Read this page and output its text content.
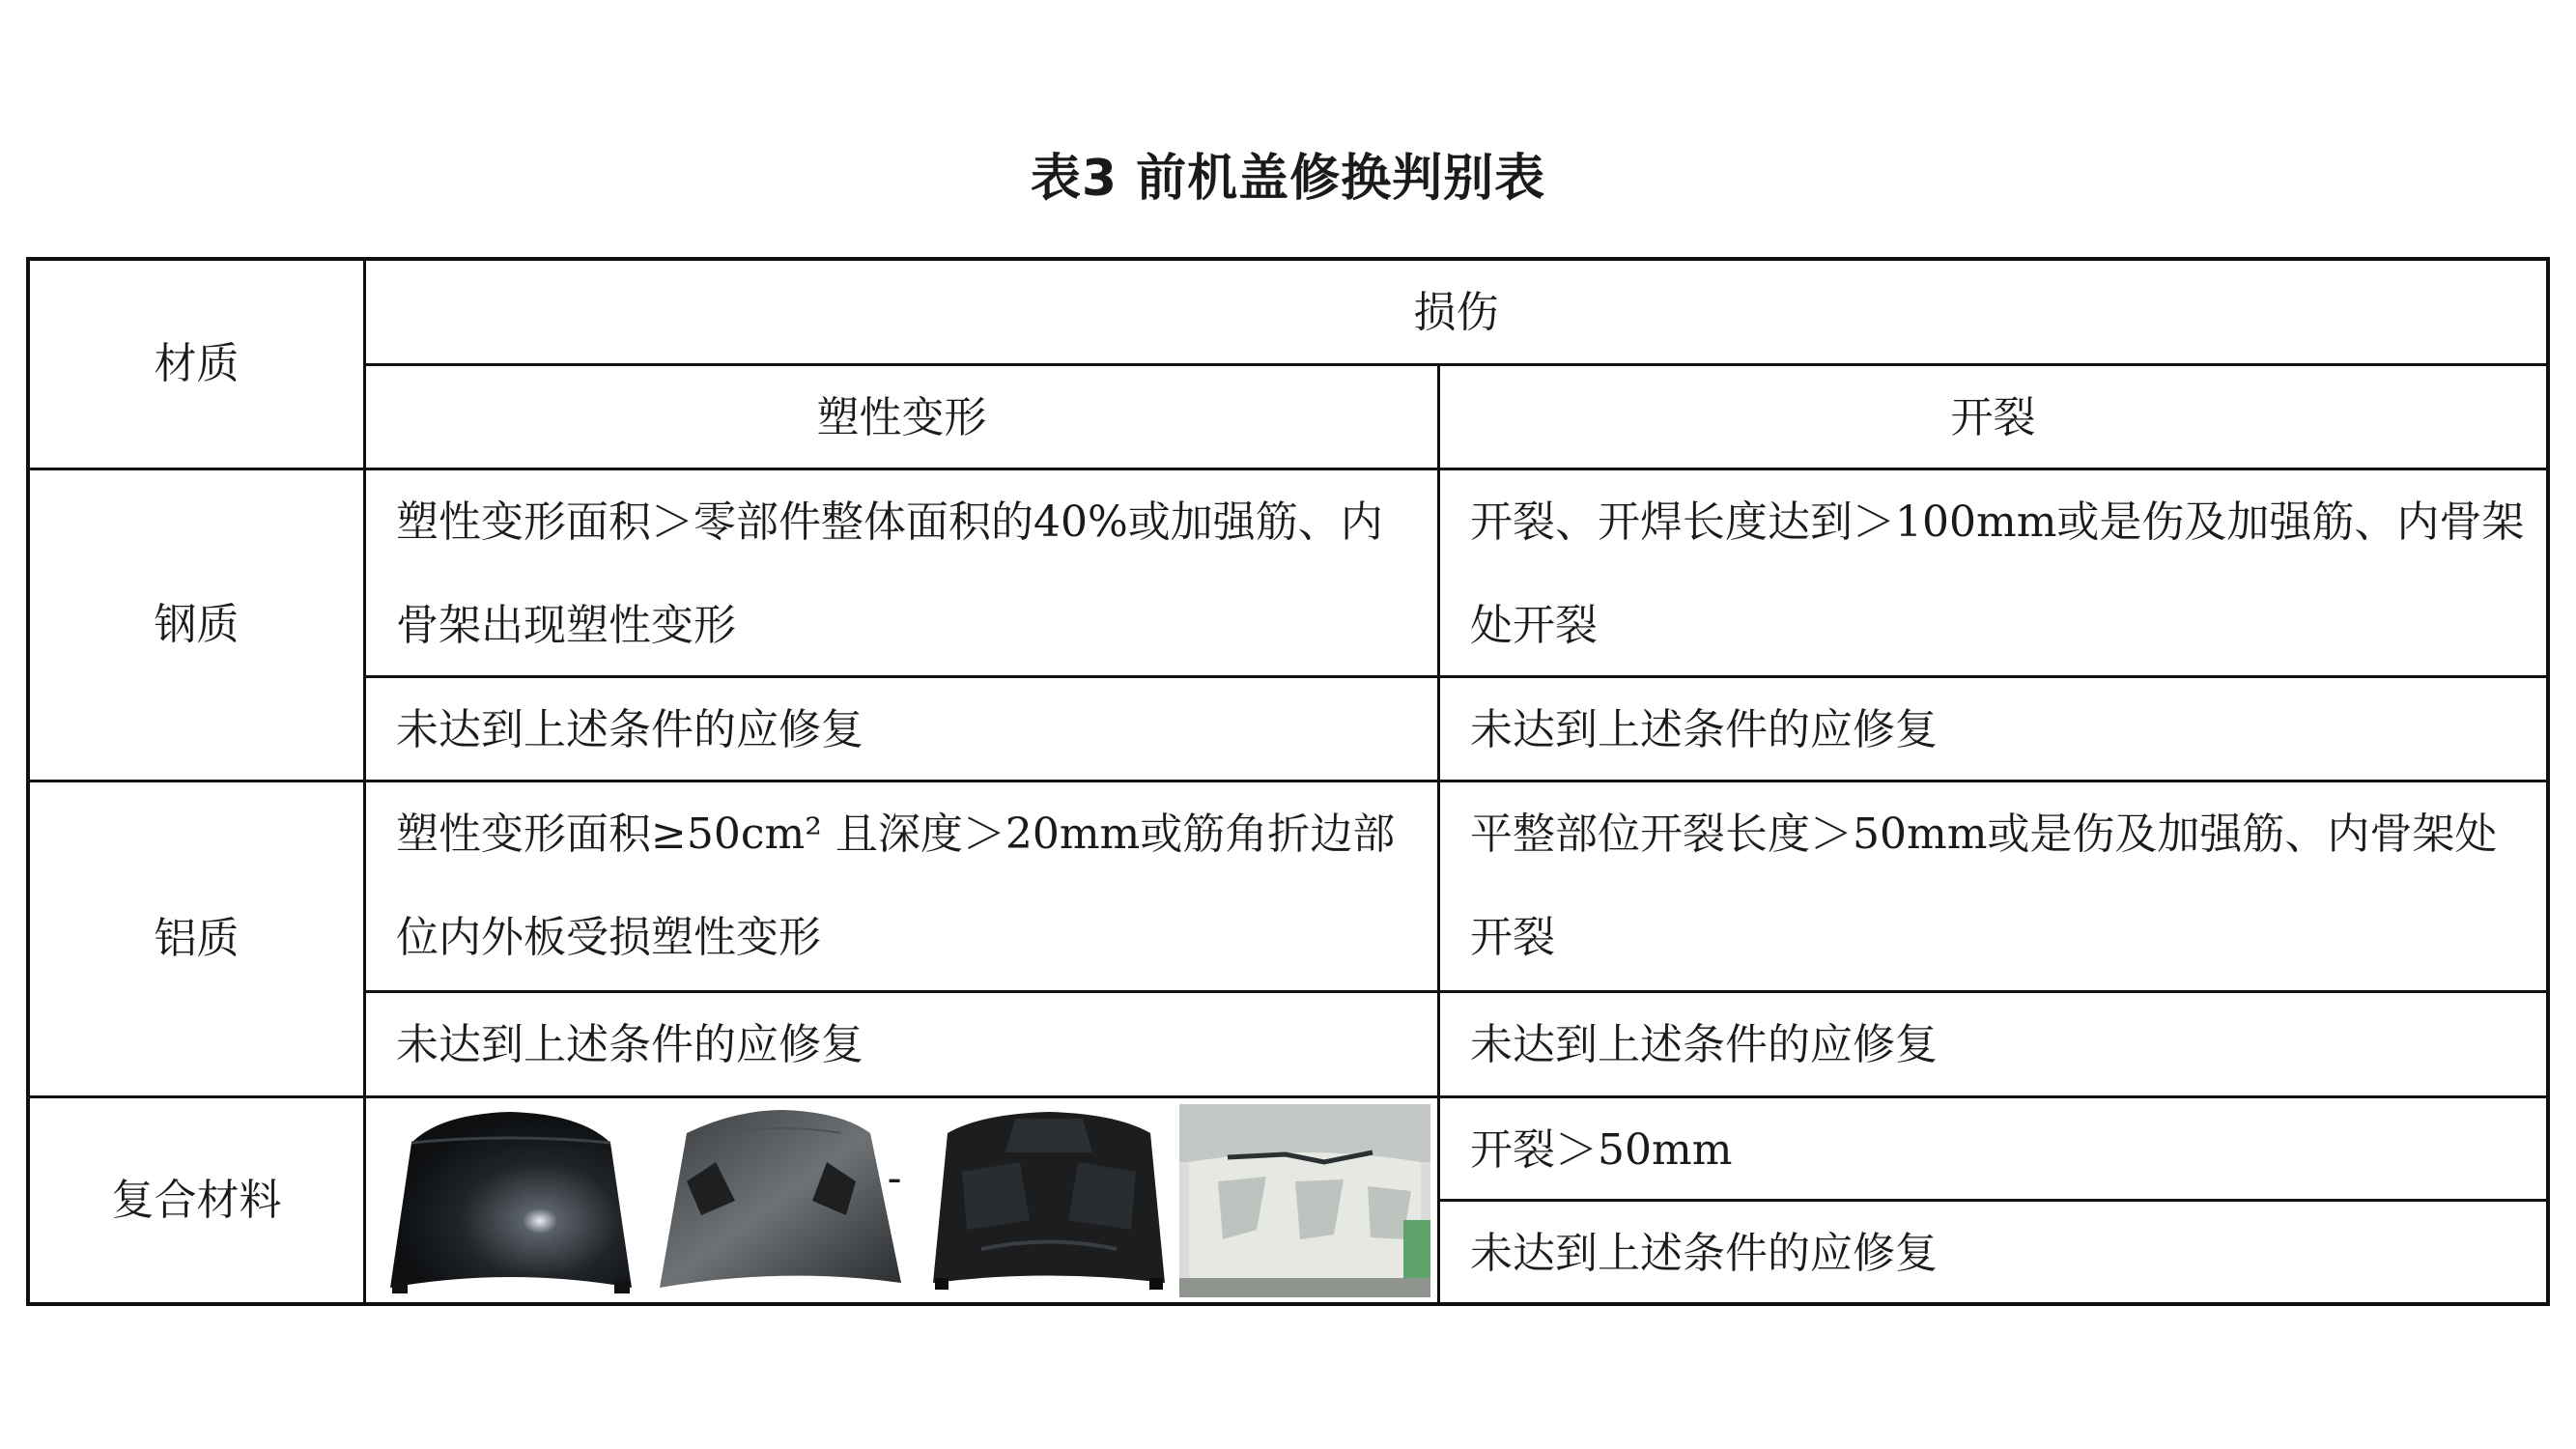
表3 前机盖修换判别表
材质
损伤
塑性变形	开裂
钢质
塑性变形面积＞零部件整体面积的40%或加强筋、内骨架出现塑性变形
未达到上述条件的应修复
开裂、开焊长度达到＞100mm或是伤及加强筋、内骨架处开裂
未达到上述条件的应修复
铝质
塑性变形面积≥50cm² 且深度＞20mm或筋角折边部位内外板受损塑性变形
未达到上述条件的应修复
平整部位开裂长度＞50mm或是伤及加强筋、内骨架处开裂
未达到上述条件的应修复
复合材料
开裂＞50mm
未达到上述条件的应修复
-
